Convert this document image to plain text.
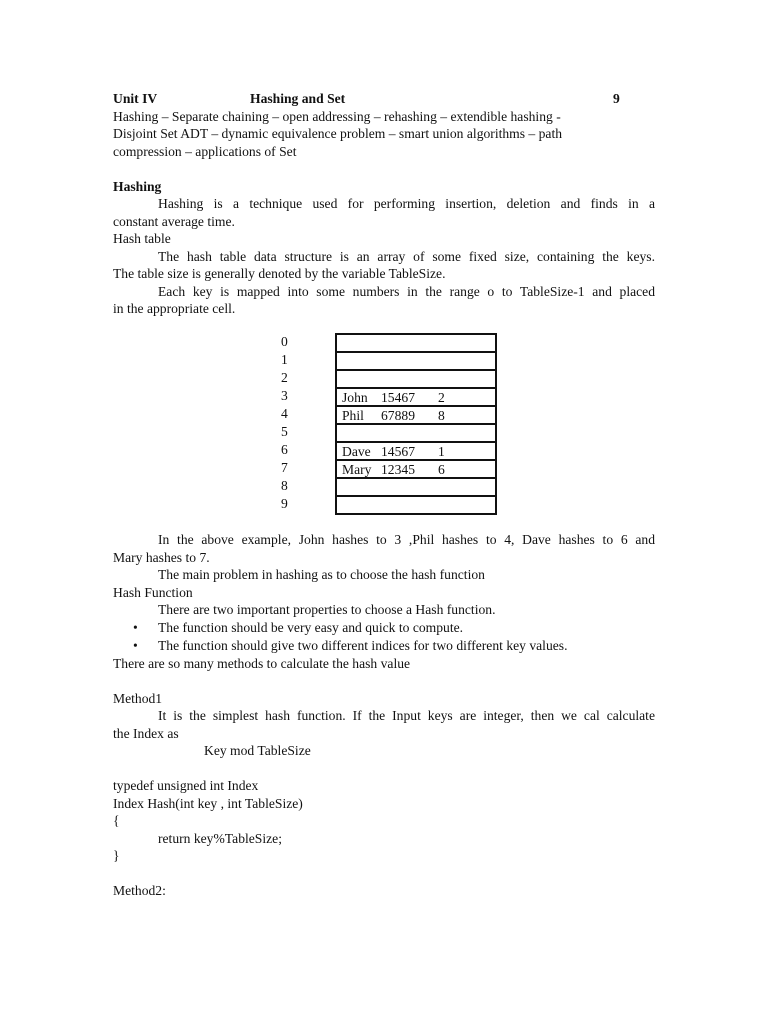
Unit IV	Hashing and Set	9
Hashing – Separate chaining – open addressing – rehashing – extendible hashing -
Disjoint Set ADT – dynamic equivalence problem – smart union algorithms – path
compression – applications of Set
Hashing
Hashing is a technique used for performing insertion, deletion and finds in a
constant average time.
Hash table
The hash table data structure is an array of some fixed size, containing the keys.
The table size is generally denoted by the variable TableSize.
Each key is mapped into some numbers in the range o to TableSize-1 and placed
in the appropriate cell.
0
1
2
3
4
5
6
7
8
9
John 15467 2
Phil 67889 8
Dave 14567 1
Mary 12345 6
In the above example, John hashes to 3 ,Phil hashes to 4, Dave hashes to 6 and
Mary hashes to 7.
The main problem in hashing as to choose the hash function
Hash Function
There are two important properties to choose a Hash function.
• The function should be very easy and quick to compute.
• The function should give two different indices for two different key values.
There are so many methods to calculate the hash value
Method1
It is the simplest hash function. If the Input keys are integer, then we cal calculate
the Index as
Key mod TableSize
typedef unsigned int Index
Index Hash(int key , int TableSize)
{
return key%TableSize;
}
Method2:
